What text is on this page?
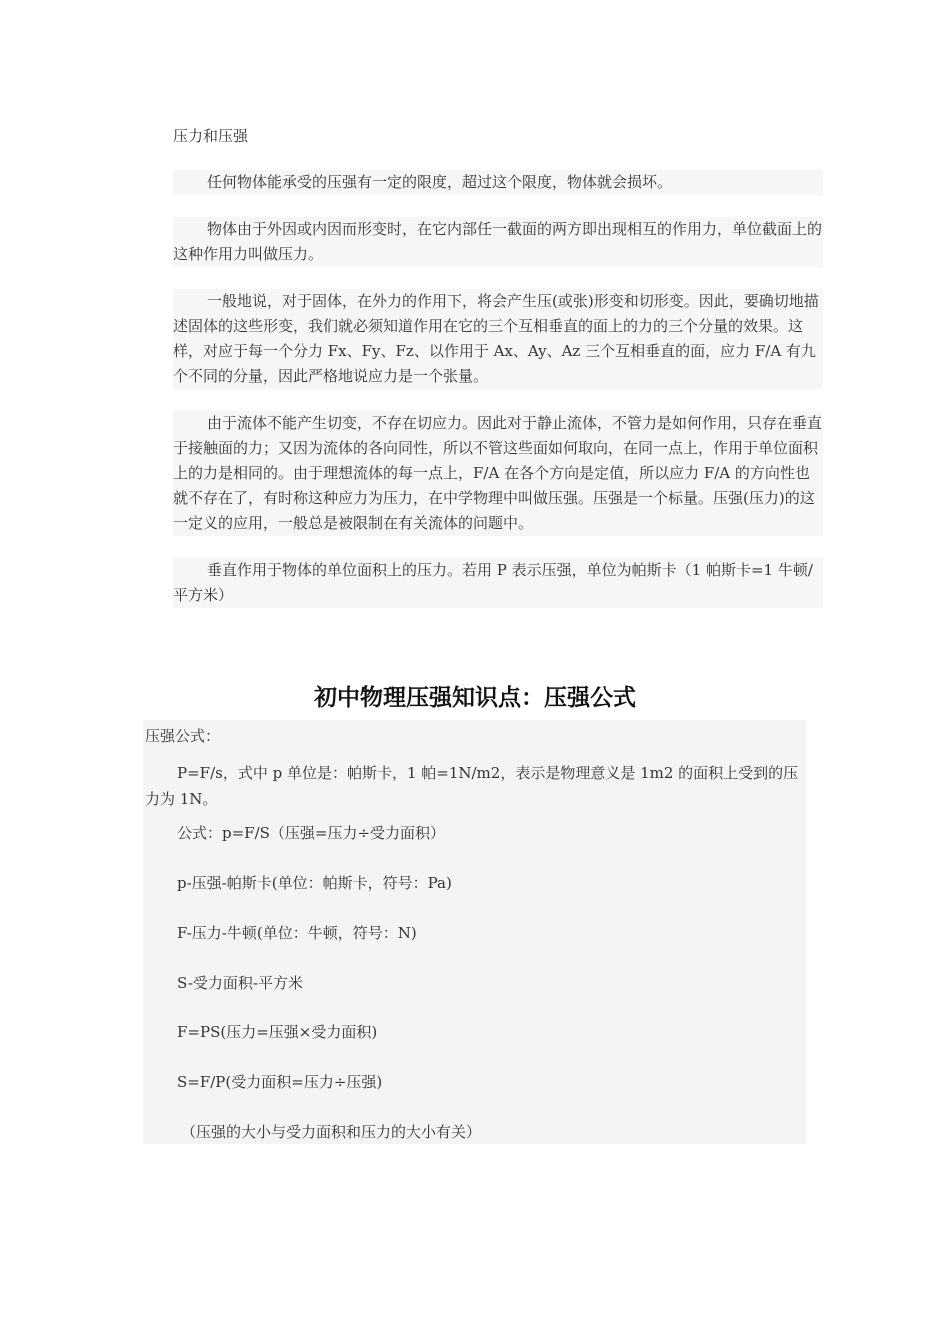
压力和压强
任何物体能承受的压强有一定的限度，超过这个限度，物体就会损坏。
物体由于外因或内因而形变时，在它内部任一截面的两方即出现相互的作用力，单位截面上的这种作用力叫做压力。
一般地说，对于固体，在外力的作用下，将会产生压(或张)形变和切形变。因此，要确切地描述固体的这些形变，我们就必须知道作用在它的三个互相垂直的面上的力的三个分量的效果。这样，对应于每一个分力 Fx、Fy、Fz、以作用于 Ax、Ay、Az 三个互相垂直的面，应力 F/A 有九个不同的分量，因此严格地说应力是一个张量。
由于流体不能产生切变，不存在切应力。因此对于静止流体，不管力是如何作用，只存在垂直于接触面的力；又因为流体的各向同性，所以不管这些面如何取向，在同一点上，作用于单位面积上的力是相同的。由于理想流体的每一点上，F/A 在各个方向是定值，所以应力 F/A 的方向性也就不存在了，有时称这种应力为压力，在中学物理中叫做压强。压强是一个标量。压强(压力)的这一定义的应用，一般总是被限制在有关流体的问题中。
垂直作用于物体的单位面积上的压力。若用 P 表示压强，单位为帕斯卡（1 帕斯卡=1 牛顿/平方米）
初中物理压强知识点：压强公式
压强公式：
P=F/s，式中 p 单位是：帕斯卡，1 帕=1N/m2，表示是物理意义是 1m2 的面积上受到的压力为 1N。
公式：p=F/S（压强=压力÷受力面积）
p-压强-帕斯卡(单位：帕斯卡，符号：Pa)
F-压力-牛顿(单位：牛顿，符号：N)
S-受力面积-平方米
F=PS(压力=压强×受力面积)
S=F/P(受力面积=压力÷压强)
（压强的大小与受力面积和压力的大小有关）
